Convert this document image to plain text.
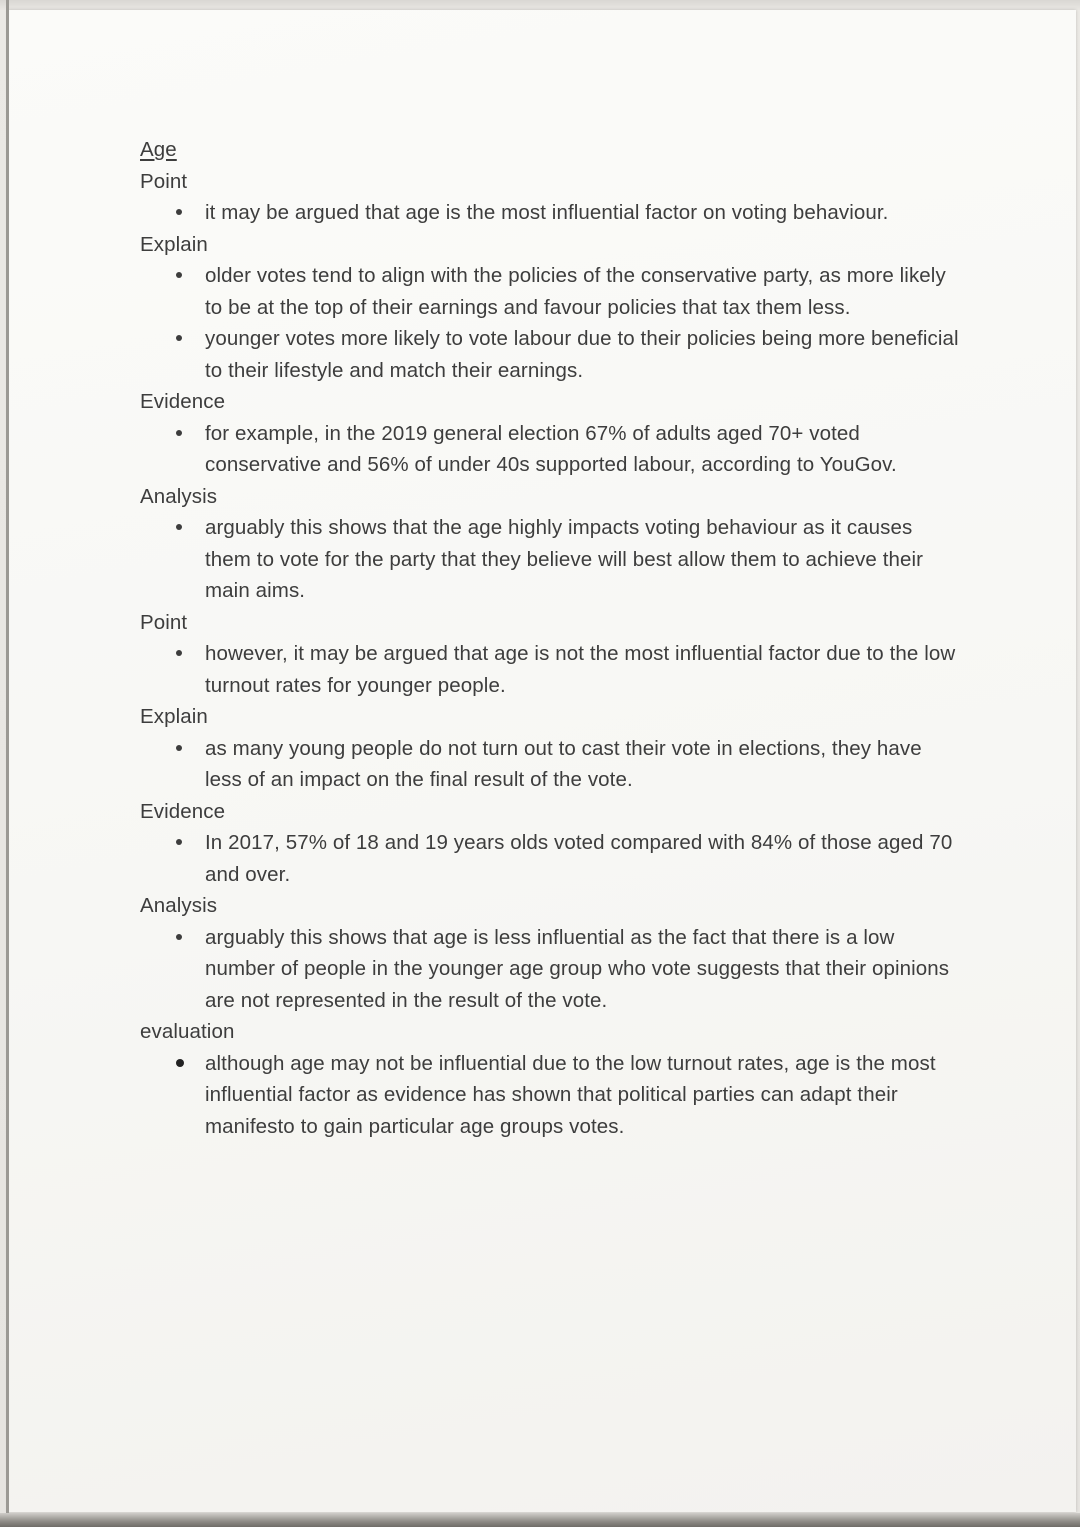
Age
Point
it may be argued that age is the most influential factor on voting behaviour.
Explain
older votes tend to align with the policies of the conservative party, as more likely to be at the top of their earnings and favour policies that tax them less.
younger votes more likely to vote labour due to their policies being more beneficial to their lifestyle and match their earnings.
Evidence
for example, in the 2019 general election 67% of adults aged 70+ voted conservative and 56% of under 40s supported labour, according to YouGov.
Analysis
arguably this shows that the age highly impacts voting behaviour as it causes them to vote for the party that they believe will best allow them to achieve their main aims.
Point
however, it may be argued that age is not the most influential factor due to the low turnout rates for younger people.
Explain
as many young people do not turn out to cast their vote in elections, they have less of an impact on the final result of the vote.
Evidence
In 2017, 57% of 18 and 19 years olds voted compared with 84% of those aged 70 and over.
Analysis
arguably this shows that age is less influential as the fact that there is a low number of people in the younger age group who vote suggests that their opinions are not represented in the result of the vote.
evaluation
although age may not be influential due to the low turnout rates, age is the most influential factor as evidence has shown that political parties can adapt their manifesto to gain particular age groups votes.
